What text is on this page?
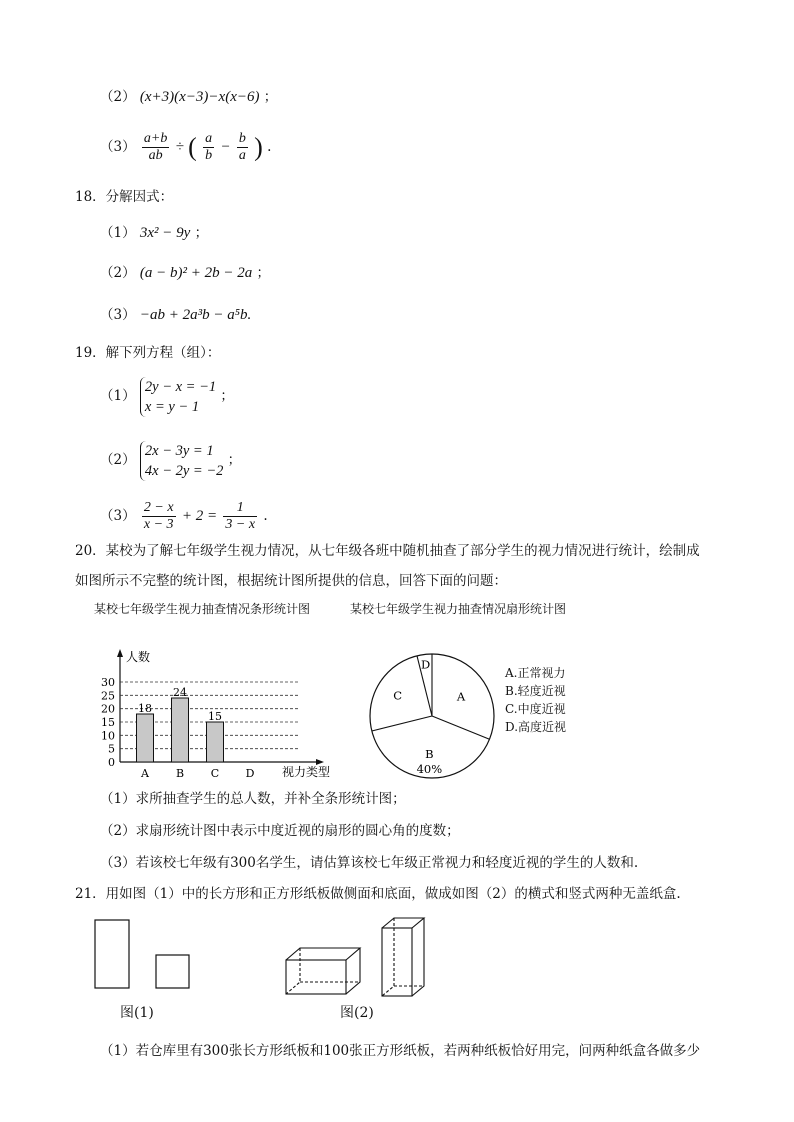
（2） (x+3)(x−3)−x(x−6) ；
$(3) \frac{a+b}{ab}$ ÷ ( $\frac{a}{b} - \frac{b}{a}$ ) .
18．分解因式：
（1） 3x² − 9y ；
（2） (a − b)² + 2b − 2a ；
（3） −ab + 2a³b − a⁵b.
19．解下列方程（组）：
（1）
2y − x = −1
x = y − 1
；
（2）
2x − 3y = 1
4x − 2y = −2
；
$(3) \frac{2 - x}{x - 3} + 2 = \frac{1}{3 - x}$ .
20．某校为了解七年级学生视力情况，从七年级各班中随机抽查了部分学生的视力情况进行统计，绘制成
如图所示不完整的统计图，根据统计图所提供的信息，回答下面的问题：
某校七年级学生视力抽查情况条形统计图	某校七年级学生视力抽查情况扇形统计图
0
5
10
15
20
25
30
18
A
24
B
15
C D
人数
视力类型
A
B
40%
C
D
A.正常视力
B.轻度近视
C.中度近视
D.高度近视
（1）求所抽查学生的总人数，并补全条形统计图；
（2）求扇形统计图中表示中度近视的扇形的圆心角的度数；
（3）若该校七年级有300名学生，请估算该校七年级正常视力和轻度近视的学生的人数和.
21．用如图（1）中的长方形和正方形纸板做侧面和底面，做成如图（2）的横式和竖式两种无盖纸盒.
图(1)	图(2)
（1）若仓库里有300张长方形纸板和100张正方形纸板，若两种纸板恰好用完，问两种纸盒各做多少
